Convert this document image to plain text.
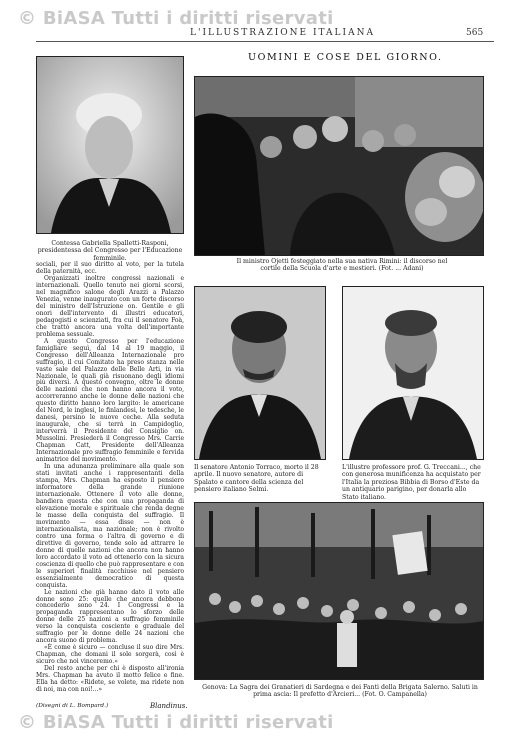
© BiASA Tutti i diritti riservati
L'ILLUSTRAZIONE ITALIANA	565
UOMINI E COSE DEL GIORNO.
Contessa Gabriella Spalletti-Rasponi, presidentessa del Congresso per l'Educazione femminile.	Il ministro Ojetti festeggiato nella sua nativa Rimini: il discorso nel cortile della Scuola d'arte e mestieri. (Fot. ... Adani)
Il senatore Antonio Torraco, morto il 28 aprile. Il nuovo senatore, autore di Spalato e cantore della scienza del pensiero italiano Selmi.
L'illustre professore prof. G. Treccani..., che con generosa munificenza ha acquistato per l'Italia la preziosa Bibbia di Borso d'Este da un antiquario parigino, per donarla allo Stato italiano.
Genova: La Sagra dei Granatieri di Sardegna e dei Fanti della Brigata Salerno. Saluti in prima ascia: Il prefetto d'Arcieri... (Fot. O. Campanella)

sociali, per il suo diritto al voto, per la tutela della paternità, ecc.

Organizzati inoltre congressi nazionali e internazionali. Quello tenuto nei giorni scorsi, nel magnifico salone degli Arazzi a Palazzo Venezia, venne inaugurato con un forte discorso del ministro dell'Istruzione on. Gentile e gli onori dell'intervento di illustri educatori, pedagogisti e scienziati, fra cui il senatore Foà, che trattò ancora una volta dell'importante problema sessuale.

A questo Congresso per l'educazione famigliare seguì, dal 14 al 19 maggio, il Congresso dell'Alleanza Internazionale pro suffragio, il cui Comitato ha preso stanza nelle vaste sale del Palazzo delle Belle Arti, in via Nazionale, le quali già risuonano degli idiomi più diversi. A questo convegno, oltre le donne delle nazioni che non hanno ancora il voto, accorreranno anche le donne delle nazioni che questo diritto hanno loro largito: le americane del Nord, le inglesi, le finlandesi, le tedesche, le danesi, persino le nuove ceche. Alla seduta inaugurale, che si terrà in Campidoglio, interverrà il Presidente del Consiglio on. Mussolini. Presiederà il Congresso Mrs. Carrie Chapman Catt, Presidente dell'Alleanza Internazionale pro suffragio femminile e fervida animatrice del movimento.

In una adunanza preliminare alla quale son stati invitati anche i rappresentanti della stampa, Mrs. Chapman ha esposto il pensiero informatore della grande riunione internazionale. Ottenere il voto alle donne, bandiera questa che con una propaganda di elevazione morale e spirituale che renda degne le masse della conquista del suffragio. Il movimento — essa disse — non è internazionalista, ma nazionale; non è rivolto contro una forma o l'altra di governo e di direttive di governo, tende solo ad attrarre le donne di quelle nazioni che ancora non hanno loro accordato il voto ad ottenerlo con la sicura coscienza di quello che può rappresentare e con le superiori finalità racchiuse nel pensiero essenzialmente democratico di questa conquista.

Le nazioni che già hanno dato il voto alle donne sono 25: quelle che ancora debbono concederlo sono 24. I Congressi e la propaganda rappresentano lo sforzo delle donne delle 25 nazioni a suffragio femminile verso la conquista cosciente e graduale del suffragio per le donne delle 24 nazioni che ancora suono di problema.

«È come è sicuro — concluse il suo dire Mrs. Chapman, che domani il sole sorgerà, così è sicuro che noi vinceremo.»

Del resto anche per chi è disposto all'ironia Mrs. Chapman ha avuto il motto felice e fine. Ella ha detto: «Ridete, se volete, ma ridete non di noi, ma con noi!...»

(Disegni di L. Bompard.)	Blandinus.
© BiASA Tutti i diritti riservati
